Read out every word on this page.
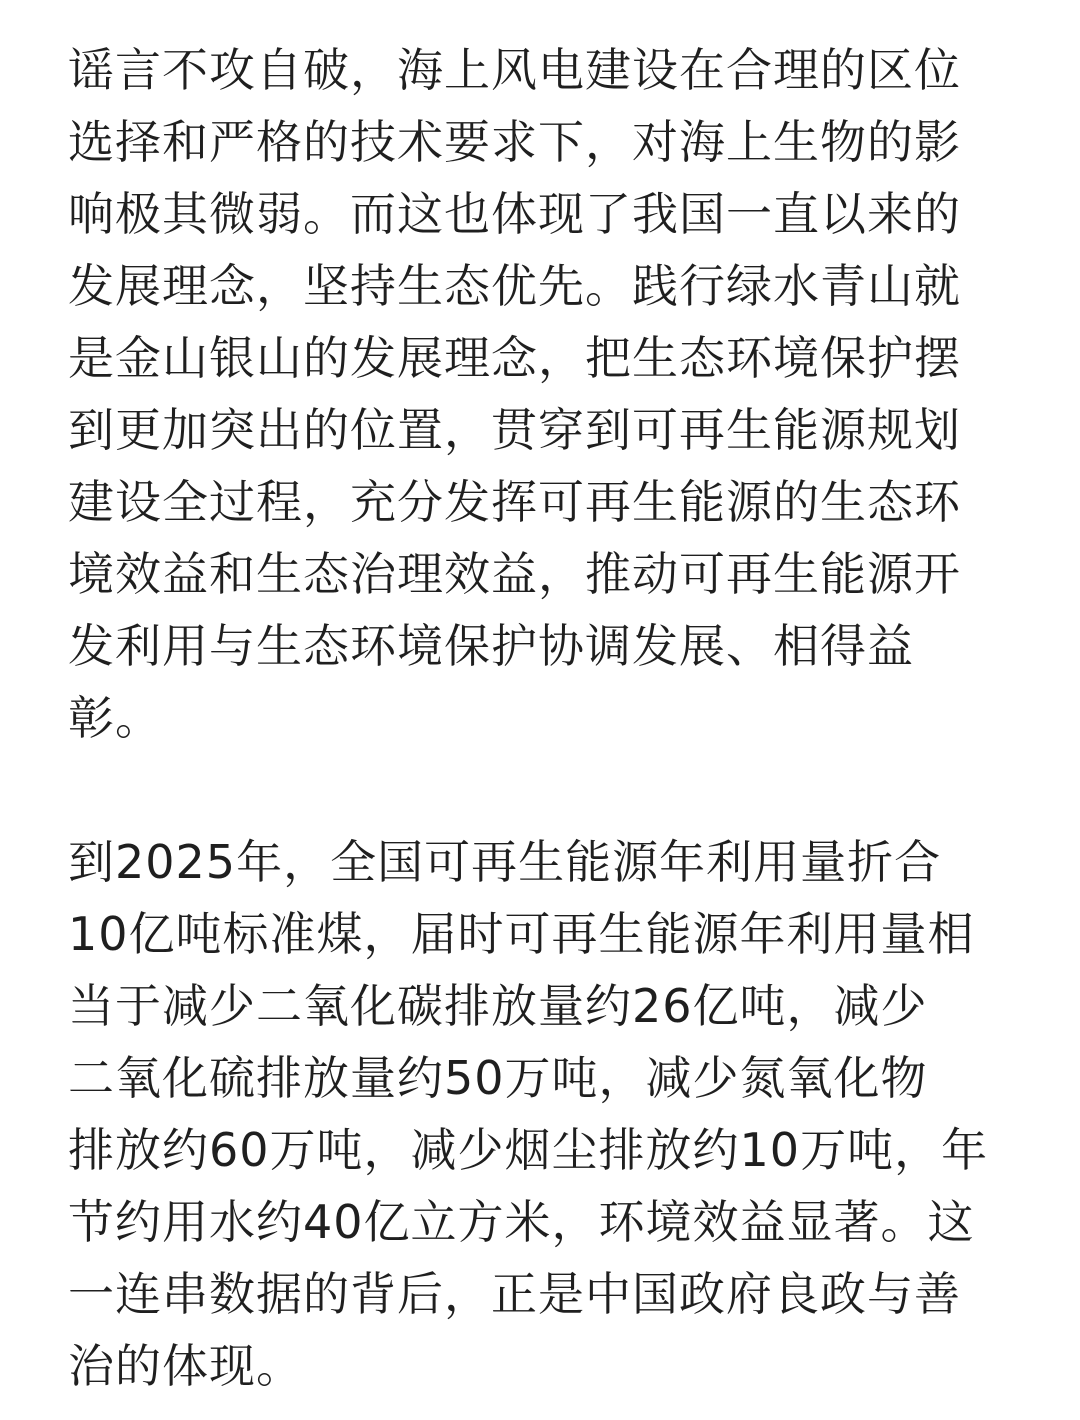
谣言不攻自破，海上风电建设在合理的区位
选择和严格的技术要求下，对海上生物的影
响极其微弱。而这也体现了我国一直以来的
发展理念，坚持生态优先。践行绿水青山就
是金山银山的发展理念，把生态环境保护摆
到更加突出的位置，贯穿到可再生能源规划
建设全过程，充分发挥可再生能源的生态环
境效益和生态治理效益，推动可再生能源开
发利用与生态环境保护协调发展、相得益
彰。
到2025年，全国可再生能源年利用量折合
10亿吨标准煤，届时可再生能源年利用量相
当于减少二氧化碳排放量约26亿吨，减少
二氧化硫排放量约50万吨，减少氮氧化物
排放约60万吨，减少烟尘排放约10万吨，年
节约用水约40亿立方米，环境效益显著。这
一连串数据的背后，正是中国政府良政与善
治的体现。
